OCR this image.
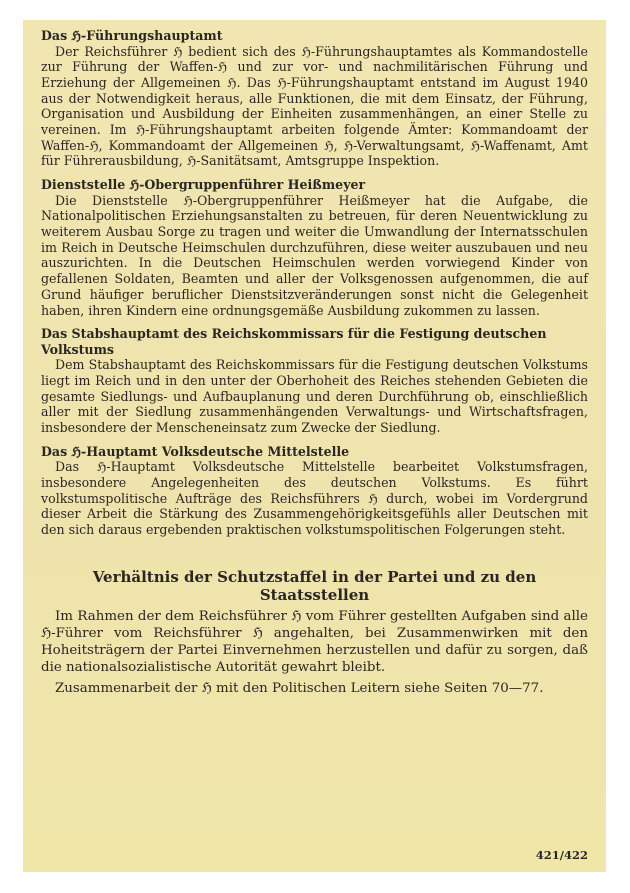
Das ℌ-Führungshauptamt

Der Reichsführer ℌ bedient sich des ℌ-Führungshauptamtes als Kommandostelle zur Führung der Waffen-ℌ und zur vor- und nachmilitärischen Führung und Erziehung der Allgemeinen ℌ. Das ℌ-Führungshauptamt entstand im August 1940 aus der Notwendigkeit heraus, alle Funktionen, die mit dem Einsatz, der Führung, Organisation und Ausbildung der Einheiten zusammenhängen, an einer Stelle zu vereinen. Im ℌ-Führungshauptamt arbeiten folgende Ämter: Kommandoamt der Waffen-ℌ, Kommandoamt der Allgemeinen ℌ, ℌ-Verwaltungsamt, ℌ-Waffenamt, Amt für Führerausbildung, ℌ-Sanitätsamt, Amtsgruppe Inspektion.

Dienststelle ℌ-Obergruppenführer Heißmeyer

Die Dienststelle ℌ-Obergruppenführer Heißmeyer hat die Aufgabe, die Nationalpolitischen Erziehungsanstalten zu betreuen, für deren Neuentwicklung zu weiterem Ausbau Sorge zu tragen und weiter die Umwandlung der Internatsschulen im Reich in Deutsche Heimschulen durchzuführen, diese weiter auszubauen und neu auszurichten. In die Deutschen Heimschulen werden vorwiegend Kinder von gefallenen Soldaten, Beamten und aller der Volksgenossen aufgenommen, die auf Grund häufiger beruflicher Dienstsitzveränderungen sonst nicht die Gelegenheit haben, ihren Kindern eine ordnungsgemäße Ausbildung zukommen zu lassen.

Das Stabshauptamt des Reichskommissars für die Festigung deutschen Volkstums

Dem Stabshauptamt des Reichskommissars für die Festigung deutschen Volkstums liegt im Reich und in den unter der Oberhoheit des Reiches stehenden Gebieten die gesamte Siedlungs- und Aufbauplanung und deren Durchführung ob, einschließlich aller mit der Siedlung zusammenhängenden Verwaltungs- und Wirtschaftsfragen, insbesondere der Menscheneinsatz zum Zwecke der Siedlung.

Das ℌ-Hauptamt Volksdeutsche Mittelstelle

Das ℌ-Hauptamt Volksdeutsche Mittelstelle bearbeitet Volkstumsfragen, insbesondere Angelegenheiten des deutschen Volkstums. Es führt volkstumspolitische Aufträge des Reichsführers ℌ durch, wobei im Vordergrund dieser Arbeit die Stärkung des Zusammengehörigkeitsgefühls aller Deutschen mit den sich daraus ergebenden praktischen volkstumspolitischen Folgerungen steht.

Verhältnis der Schutzstaffel in der Partei und zu den Staatsstellen

Im Rahmen der dem Reichsführer ℌ vom Führer gestellten Aufgaben sind alle ℌ-Führer vom Reichsführer ℌ angehalten, bei Zusammenwirken mit den Hoheitsträgern der Partei Einvernehmen herzustellen und dafür zu sorgen, daß die nationalsozialistische Autorität gewahrt bleibt.

Zusammenarbeit der ℌ mit den Politischen Leitern siehe Seiten 70—77.

421/422
